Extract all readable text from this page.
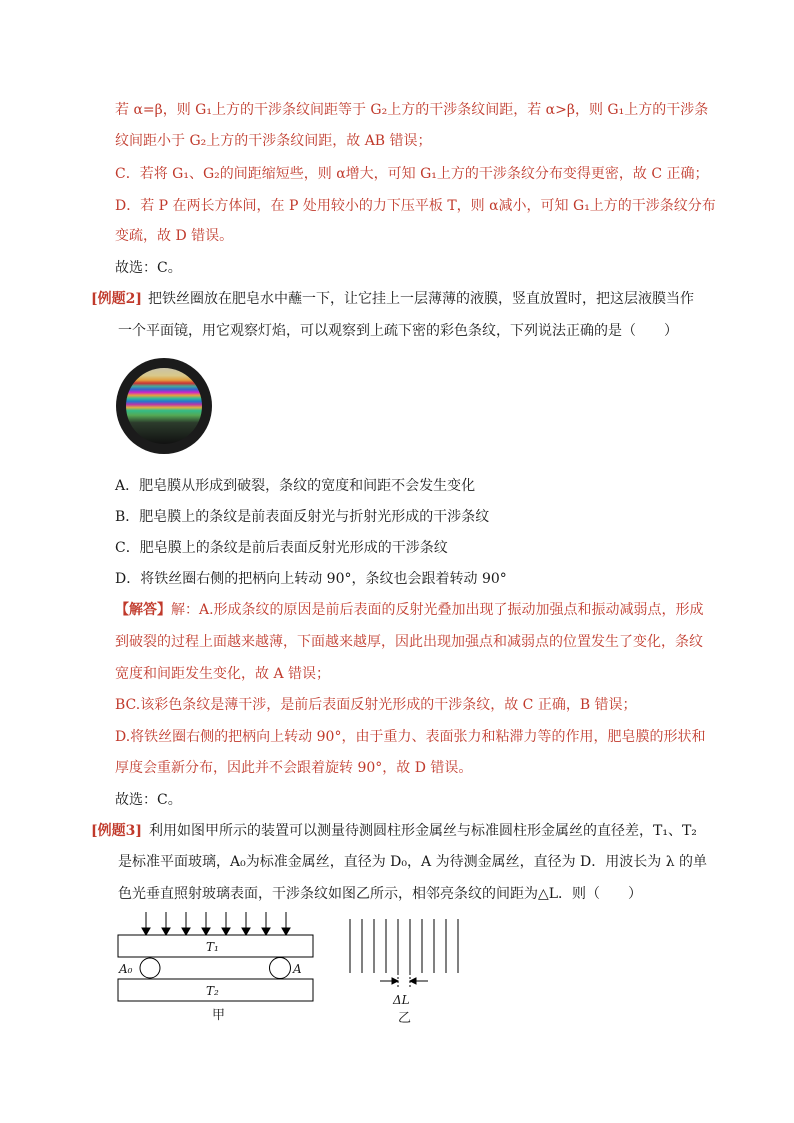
若 α=β，则 G₁上方的干涉条纹间距等于 G₂上方的干涉条纹间距，若 α>β，则 G₁上方的干涉条
纹间距小于 G₂上方的干涉条纹间距，故 AB 错误；
C．若将 G₁、G₂的间距缩短些，则 α增大，可知 G₁上方的干涉条纹分布变得更密，故 C 正确；
D．若 P 在两长方体间，在 P 处用较小的力下压平板 T，则 α减小，可知 G₁上方的干涉条纹分布
变疏，故 D 错误。
故选：C。
[例题2] 把铁丝圈放在肥皂水中蘸一下，让它挂上一层薄薄的液膜，竖直放置时，把这层液膜当作
一个平面镜，用它观察灯焰，可以观察到上疏下密的彩色条纹，下列说法正确的是（　　）
A．肥皂膜从形成到破裂，条纹的宽度和间距不会发生变化
B．肥皂膜上的条纹是前表面反射光与折射光形成的干涉条纹
C．肥皂膜上的条纹是前后表面反射光形成的干涉条纹
D．将铁丝圈右侧的把柄向上转动 90°，条纹也会跟着转动 90°
【解答】解：A.形成条纹的原因是前后表面的反射光叠加出现了振动加强点和振动减弱点，形成
到破裂的过程上面越来越薄，下面越来越厚，因此出现加强点和减弱点的位置发生了变化，条纹
宽度和间距发生变化，故 A 错误；
BC.该彩色条纹是薄干涉，是前后表面反射光形成的干涉条纹，故 C 正确，B 错误；
D.将铁丝圈右侧的把柄向上转动 90°，由于重力、表面张力和粘滞力等的作用，肥皂膜的形状和
厚度会重新分布，因此并不会跟着旋转 90°，故 D 错误。
故选：C。
[例题3] 利用如图甲所示的装置可以测量待测圆柱形金属丝与标准圆柱形金属丝的直径差，T₁、T₂
是标准平面玻璃，A₀为标准金属丝，直径为 D₀，A 为待测金属丝，直径为 D．用波长为 λ 的单
色光垂直照射玻璃表面，干涉条纹如图乙所示，相邻亮条纹的间距为△L．则（　　）
T₁
A₀	A
T₂
甲
ΔL
乙
